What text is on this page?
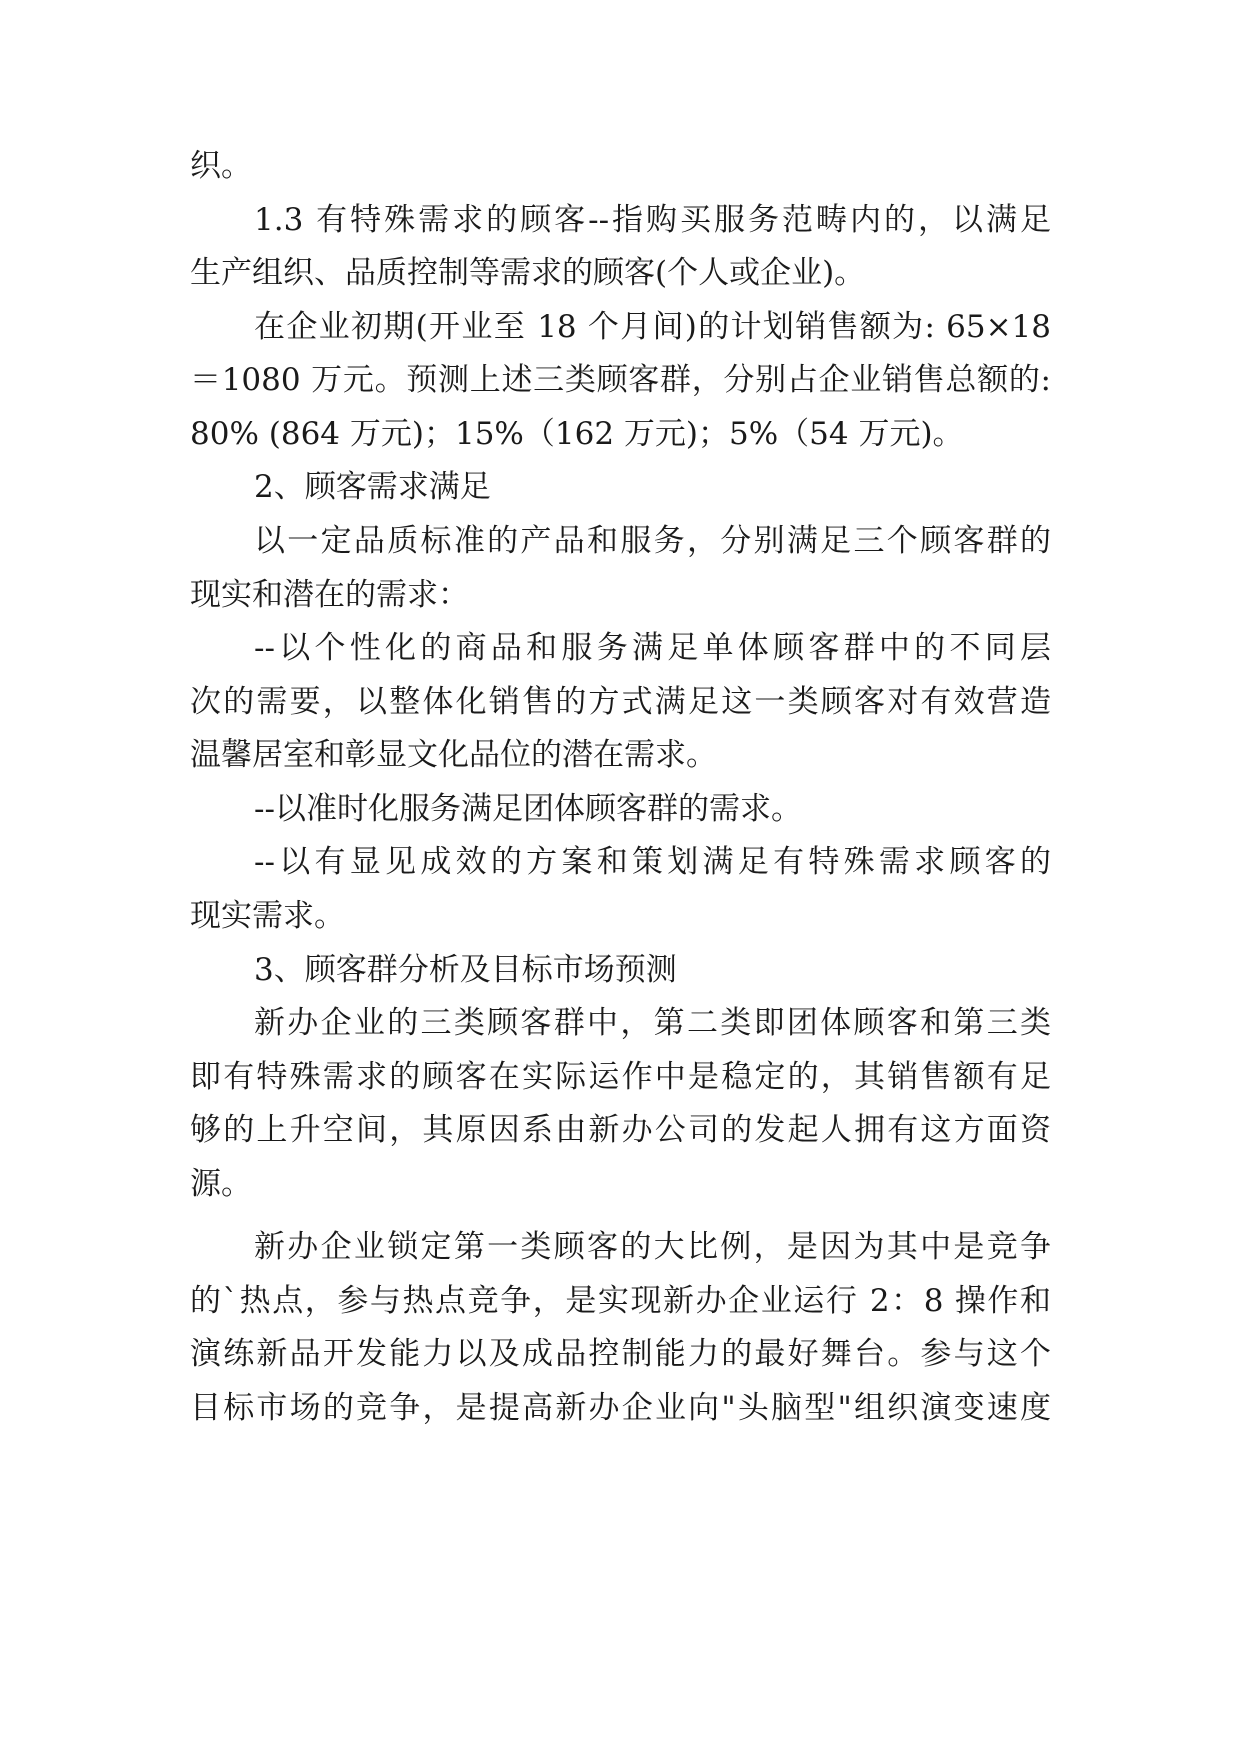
织。
1.3 有特殊需求的顾客--指购买服务范畴内的，以满足
生产组织、品质控制等需求的顾客(个人或企业)。
在企业初期(开业至 18 个月间)的计划销售额为: 65×18
＝1080 万元。预测上述三类顾客群，分别占企业销售总额的:
80% (864 万元)；15%（162 万元)；5%（54 万元)。
2、顾客需求满足
以一定品质标准的产品和服务，分别满足三个顾客群的
现实和潜在的需求：
--以个性化的商品和服务满足单体顾客群中的不同层
次的需要，以整体化销售的方式满足这一类顾客对有效营造
温馨居室和彰显文化品位的潜在需求。
--以准时化服务满足团体顾客群的需求。
--以有显见成效的方案和策划满足有特殊需求顾客的
现实需求。
3、顾客群分析及目标市场预测
新办企业的三类顾客群中，第二类即团体顾客和第三类
即有特殊需求的顾客在实际运作中是稳定的，其销售额有足
够的上升空间，其原因系由新办公司的发起人拥有这方面资
源。
新办企业锁定第一类顾客的大比例，是因为其中是竞争
的`热点，参与热点竞争，是实现新办企业运行 2：8 操作和
演练新品开发能力以及成品控制能力的最好舞台。参与这个
目标市场的竞争，是提高新办企业向"头脑型"组织演变速度
